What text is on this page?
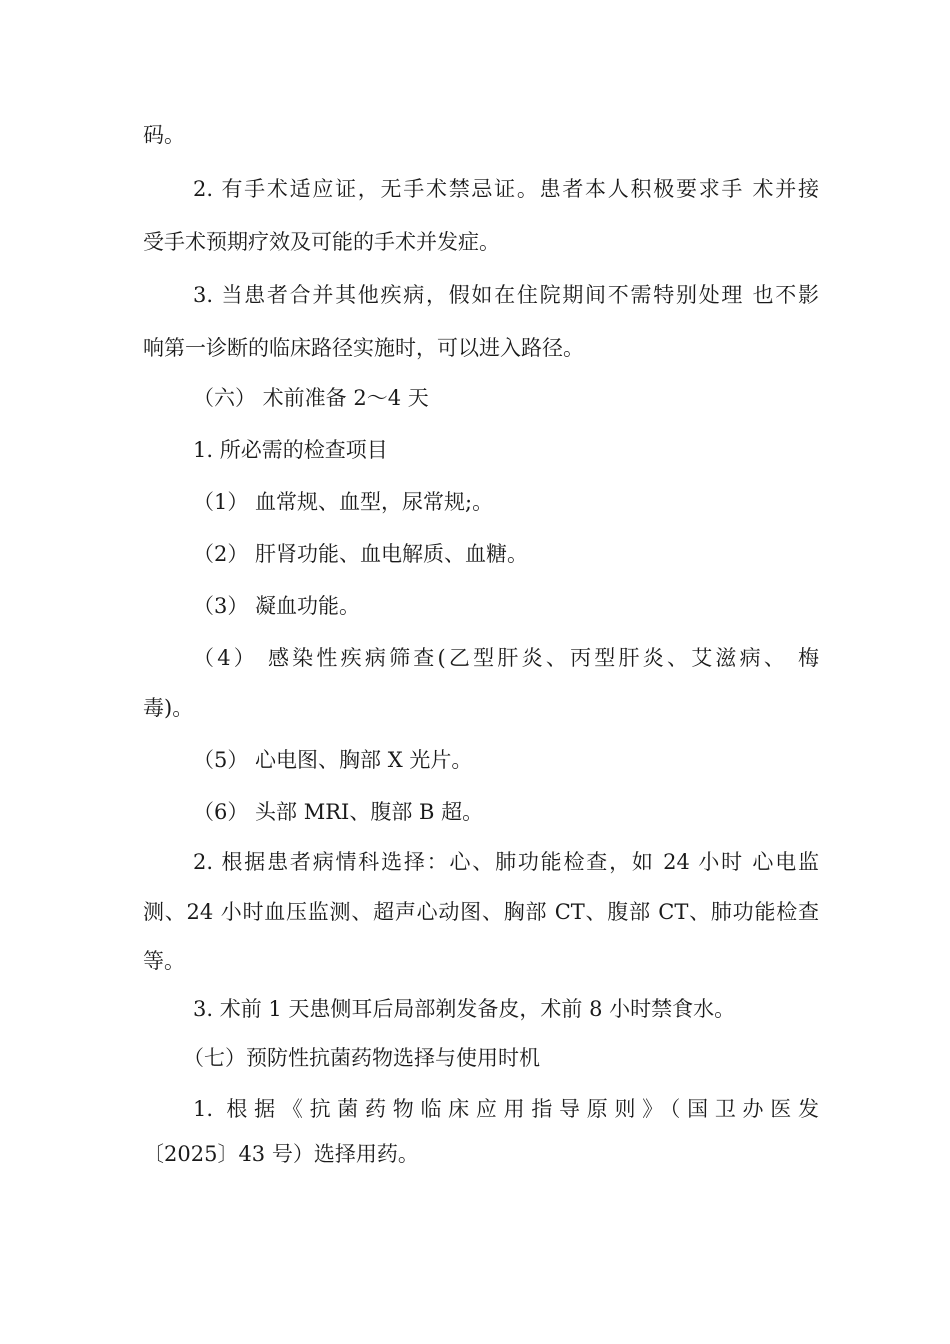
码。
2. 有手术适应证，无手术禁忌证。患者本人积极要求手 术并接
受手术预期疗效及可能的手术并发症。
3. 当患者合并其他疾病，假如在住院期间不需特别处理 也不影
响第一诊断的临床路径实施时，可以进入路径。
（六） 术前准备 2〜4 天
1. 所必需的检查项目
（1） 血常规、血型，尿常规;。
（2） 肝肾功能、血电解质、血糖。
（3） 凝血功能。
（4） 感染性疾病筛查(乙型肝炎、丙型肝炎、艾滋病、 梅
毒)。
（5） 心电图、胸部 X 光片。
（6） 头部 MRI、腹部 B 超。
2. 根据患者病情科选择：心、肺功能检查，如 24 小时 心电监
测、24 小时血压监测、超声心动图、胸部 CT、腹部 CT、肺功能检查
等。
3. 术前 1 天患侧耳后局部剃发备皮，术前 8 小时禁食水。
（七）预防性抗菌药物选择与使用时机
1. 根据《抗菌药物临床应用指导原则》（国卫办医发
〔2025〕43 号）选择用药。
